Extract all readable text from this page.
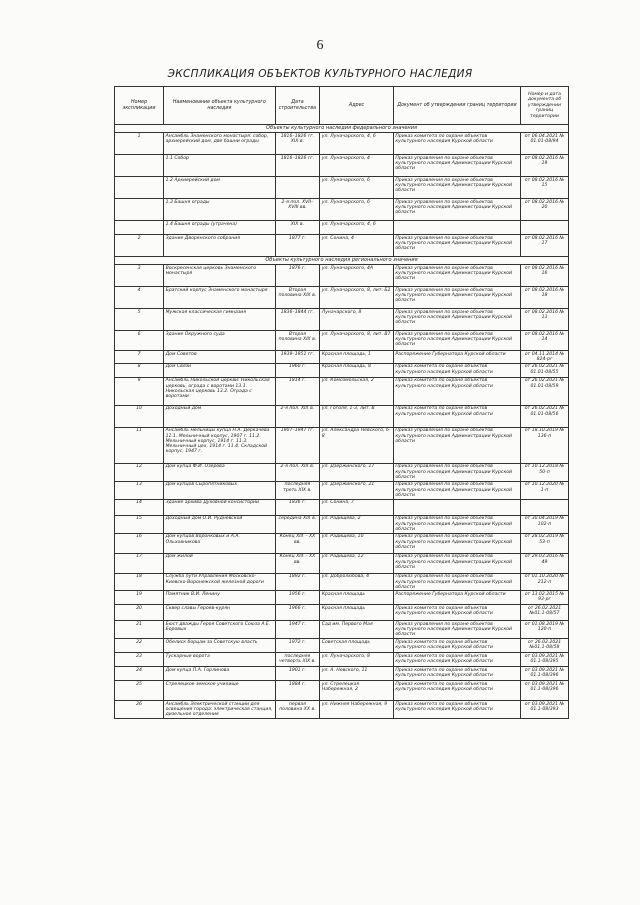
6
ЭКСПЛИКАЦИЯ ОБЪЕКТОВ КУЛЬТУРНОГО НАСЛЕДИЯ
Номер экспликации	Наименование объекта культурного наследия	Дата строительства	Адрес	Документ об утверждении границ территории	Номер и дата документа об утверждении границ территории
Объекты культурного наследия федерального значения					
1	Ансамбль Знаменского монастыря: собор, архиерейский дом, две башни ограды	1816–1826 гг. XIX в.	ул. Луначарского, 4, 6	Приказ комитета по охране объектов культурного наследия Курской области	от 06.04.2021 № 01.01-08/94
	1.1 Собор	1816–1826 гг.	ул. Луначарского, 4	Приказ управления по охране объектов культурного наследия Администрации Курской области	от 08.02.2016 № 19
	1.2 Архиерейский дом		ул. Луначарского, 6	Приказ управления по охране объектов культурного наследия Администрации Курской области	от 08.02.2016 № 15
	1.3 Башня ограды	2-я пол. XVII–XVIII вв.	ул. Луначарского, 6	Приказ управления по охране объектов культурного наследия Администрации Курской области	от 08.02.2016 № 20
	1.4 Башня ограды (утрачена)	XIX в.	ул. Луначарского, 4, 6		
2	Здание Дворянского собрания	1877 г.	ул. Сонина, 4	Приказ управления по охране объектов культурного наследия Администрации Курской области	от 08.02.2016 № 17
Объекты культурного наследия регионального значения					
3	Воскресенская церковь Знаменского монастыря	1876 г.	ул. Луначарского, 4А	Приказ управления по охране объектов культурного наследия Администрации Курской области	от 08.02.2016 № 16
4	Братский корпус Знаменского монастыря	Вторая половина XIX в.	ул. Луначарского, 8, лит. Б2	Приказ управления по охране объектов культурного наследия Администрации Курской области	от 08.02.2016 № 18
5	Мужская классическая гимназия	1836–1844 гг.	Луначарского, 8	Приказ управления по охране объектов культурного наследия Администрации Курской области	от 08.02.2016 № 13
6	Здание Окружного суда	Вторая половина XIX в.	ул. Луначарского, 8, лит. В7	Приказ управления по охране объектов культурного наследия Администрации Курской области	от 08.02.2016 № 14
7	Дом Советов	1939–1951 гг.	Красная площадь, 1	Распоряжение Губернатора Курской области	от 04.11.2014 № 824-рг
8	Дом Связи	1960 г.	Красная площадь, 8	Приказ комитета по охране объектов культурного наследия Курской области	от 26.02.2021 № 01.01-08/55
9	Ансамбль Никольской церкви: Никольская церковь, ограда с воротами 13.1. Никольская церковь 13.2. Ограда с воротами	1814 г.	ул. Комсомольская, 2	Приказ комитета по охране объектов культурного наследия Курской области	от 26.02.2021 № 01.01-08/59
10	Доходный дом	2-я пол. XIX в.	ул. Гоголя, 1-3, лит. В	Приказ комитета по охране объектов культурного наследия Курской области	от 26.02.2021 № 01.01-08/56
11	Ансамбль мельницы купца Н.А. Деркачёва 11.1. Мельничный корпус, 1907 г. 11.2. Мельничный корпус, 1914 г. 11.3. Мельничный цех, 1914 г. 11.4. Складской корпус, 1947 г.	1907–1947 гг.	ул. Александра Невского, 6-8	Приказ управления по охране объектов культурного наследия Администрации Курской области	от 18.10.2019 № 136-п
12	Дом купца Ф.И. Озерова	2-я пол. XIX в.	ул. Дзержинского, 17	Приказ управления по охране объектов культурного наследия Администрации Курской области	от 10.12.2018 № 50-п
13	Дом купцов Сыропятниковых	последняя треть XIX в.	ул. Дзержинского, 21	Приказ управления по охране объектов культурного наследия Администрации Курской области	от 10.12.2020 № 1-п
14	Здание архива Духовной консистории	1836 г.	ул. Сонина, 7		
15	Доходный дом О.И. Рудневской	середина XIX в.	ул. Радищева, 2	Приказ управления по охране объектов культурного наследия Администрации Курской области	от 30.04.2019 № 102-п
16	Дом купцов Воронковых и А.А. Ольховникова	Конец XIX – XX вв.	ул. Радищева, 10	Приказ управления по охране объектов культурного наследия Администрации Курской области	от 28.02.2019 № 53-п
17	Дом жилой	Конец XIX – XX вв.	ул. Радищева, 12	Приказ управления по охране объектов культурного наследия Администрации Курской области	от 29.03.2016 № 49
18	Служба пути Управления Московско-Киевско-Воронежской железной дороги	1892 г.	ул. Добролюбова, 4	Приказ управления по охране объектов культурного наследия Администрации Курской области	от 01.10.2020 № 212-п
19	Памятник В.И. Ленину	1956 г.	Красная площадь	Распоряжение Губернатора Курской области	от 13.02.2015 № 93-рг
20	Сквер славы Героев-курян	1966 г.	Красная площадь	Приказ комитета по охране объектов культурного наследия Курской области	от 26.02.2021 №01.1-08/57
21	Бюст дважды Героя Советского Союза А.Е. Боровых	1947 г.	Сад им. Первого Мая	Приказ управления по охране объектов культурного наследия Администрации Курской области	от 01.08.2019 № 120-п
22	Обелиск борцам за Советскую власть	1972 г.	Советская площадь	Приказ комитета по охране объектов культурного наследия Курской области	от 26.02.2021 №01.1-08/58
23	Тускарные ворота	последняя четверть XIX в.	ул. Луначарского, 8	Приказ комитета по охране объектов культурного наследия Курской области	от 03.09.2021 № 01.1-08/395
24	Дом купца П.А. Горлинова	1901 г.	ул. А. Невского, 11	Приказ комитета по охране объектов культурного наследия Курской области	от 03.09.2021 № 01.1-08/396
25	Стрелецкое земское училище	1884 г.	ул. Стрелецкая Набережная, 2	Приказ комитета по охране объектов культурного наследия Курской области	от 03.09.2021 № 01.1-08/396
26	Ансамбль Электрической станции для освещения города: электрическая станция, дизельное отделение	первая половина XX в.	ул. Нижняя Набережная, 9	Приказ комитета по охране объектов культурного наследия Курской области	от 03.09.2021 № 01.1-08/393
